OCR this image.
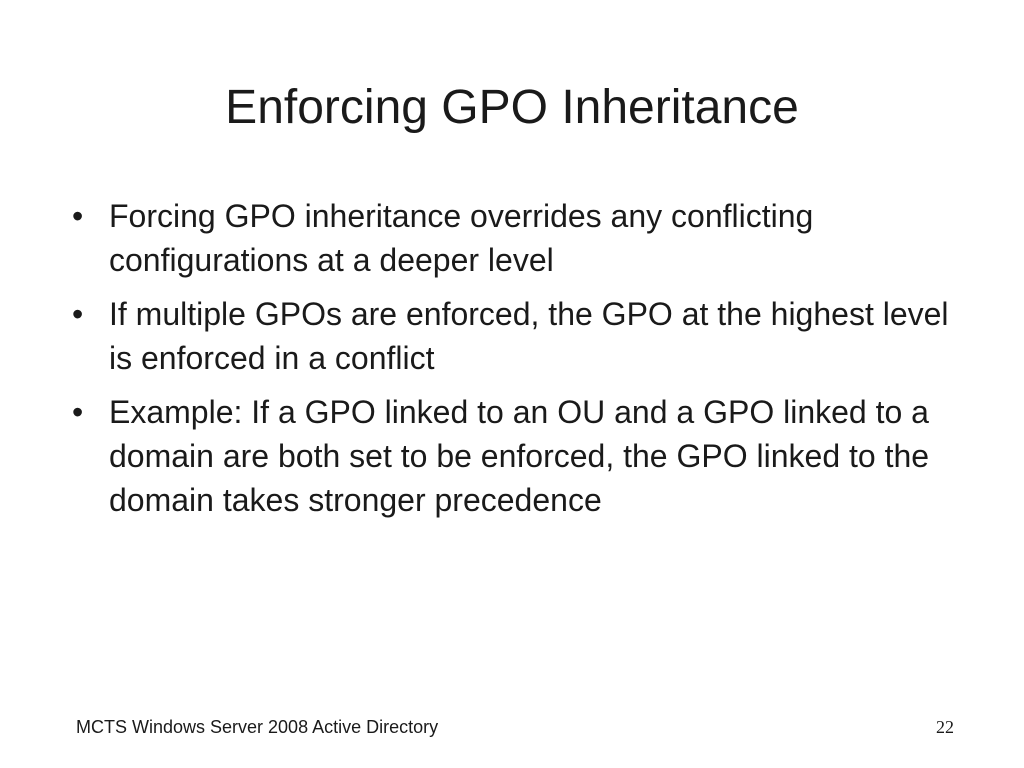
Enforcing GPO Inheritance
• Forcing GPO inheritance overrides any conflicting configurations at a deeper level
• If multiple GPOs are enforced, the GPO at the highest level is enforced in a conflict
• Example: If a GPO linked to an OU and a GPO linked to a domain are both set to be enforced, the GPO linked to the domain takes stronger precedence
MCTS Windows Server 2008 Active Directory	22
